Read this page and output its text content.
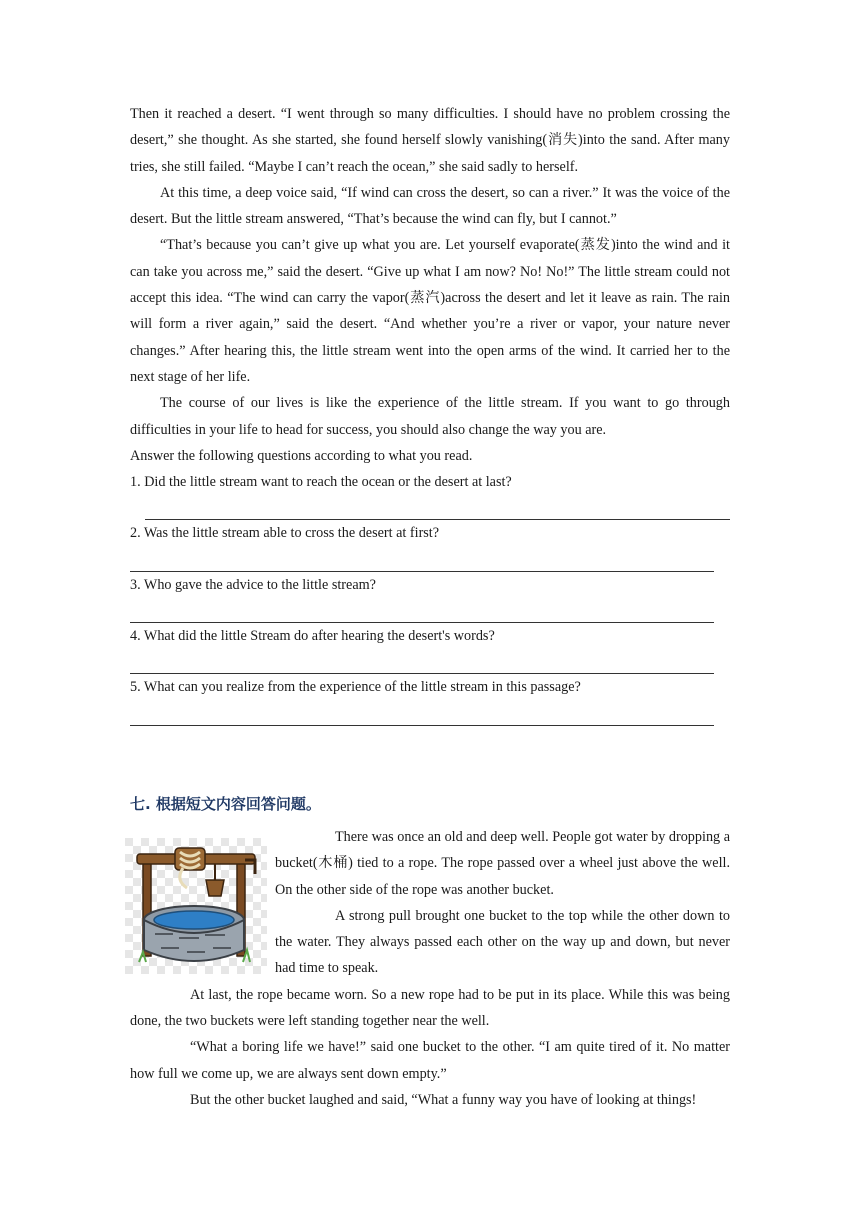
Then it reached a desert. “I went through so many difficulties. I should have no problem crossing the desert,” she thought. As she started, she found herself slowly vanishing(消失)into the sand. After many tries, she still failed. “Maybe I can’t reach the ocean,” she said sadly to herself.

At this time, a deep voice said, “If wind can cross the desert, so can a river.” It was the voice of the desert. But the little stream answered, “That’s because the wind can fly, but I cannot.”

“That’s because you can’t give up what you are. Let yourself evaporate(蒸发)into the wind and it can take you across me,” said the desert. “Give up what I am now? No! No!” The little stream could not accept this idea. “The wind can carry the vapor(蒸汽)across the desert and let it leave as rain. The rain will form a river again,” said the desert. “And whether you’re a river or vapor, your nature never changes.” After hearing this, the little stream went into the open arms of the wind. It carried her to the next stage of her life.

The course of our lives is like the experience of the little stream. If you want to go through difficulties in your life to head for success, you should also change the way you are.

Answer the following questions according to what you read.

1. Did the little stream want to reach the ocean or the desert at last?

2. Was the little stream able to cross the desert at first?

3. Who gave the advice to the little stream?

4. What did the little Stream do after hearing the desert's words?

5. What can you realize from the experience of the little stream in this passage?

七. 根据短文内容回答问题。

There was once an old and deep well. People got water by dropping a bucket(木桶) tied to a rope. The rope passed over a wheel just above the well. On the other side of the rope was another bucket.

A strong pull brought one bucket to the top while the other down to the water. They always passed each other on the way up and down, but never had time to speak.

At last, the rope became worn. So a new rope had to be put in its place. While this was being done, the two buckets were left standing together near the well.

“What a boring life we have!” said one bucket to the other. “I am quite tired of it. No matter how full we come up, we are always sent down empty.”

But the other bucket laughed and said, “What a funny way you have of looking at things!
